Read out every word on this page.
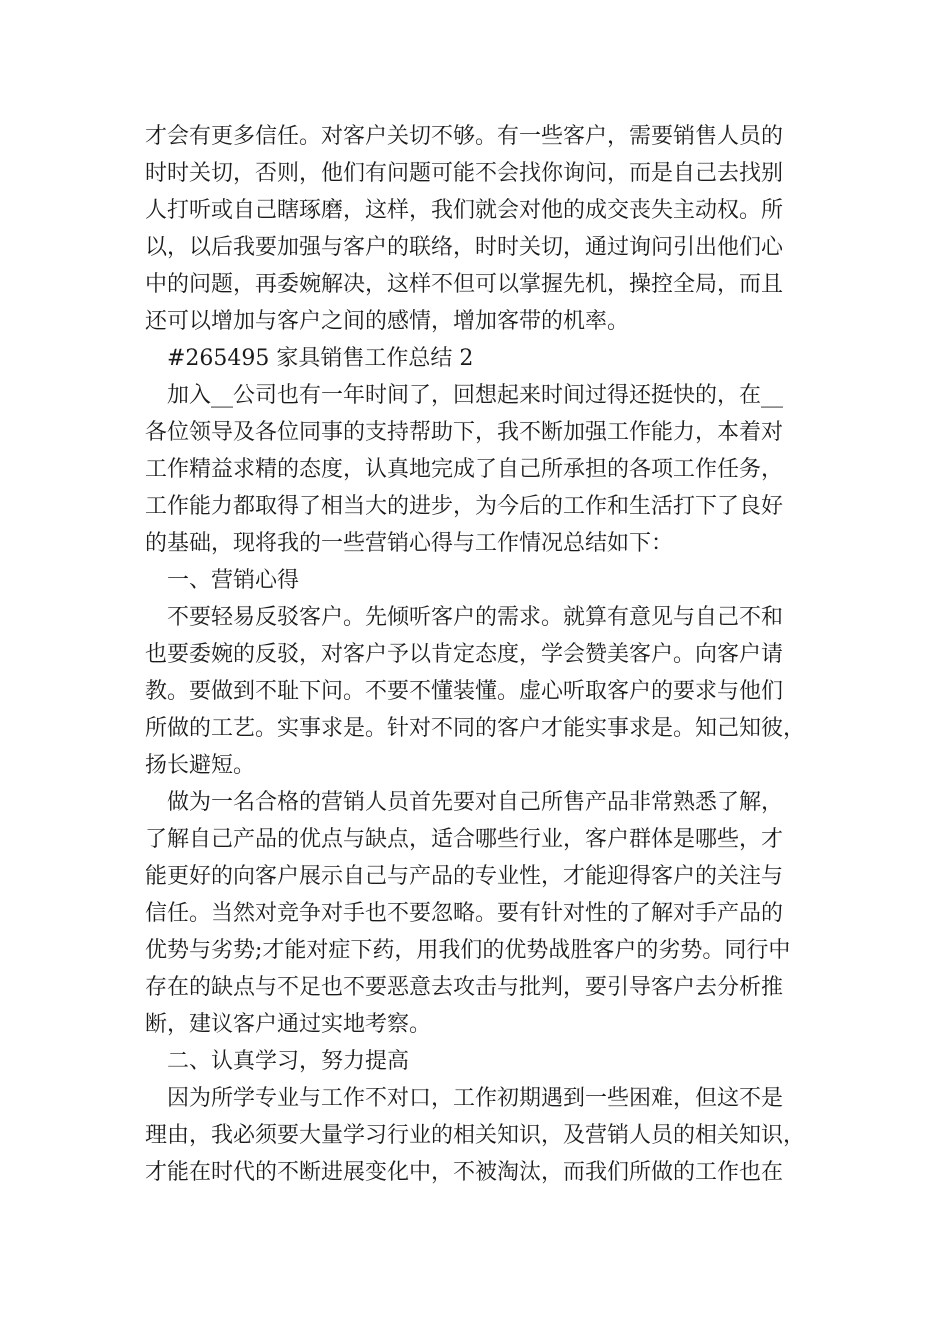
才会有更多信任。对客户关切不够。有一些客户，需要销售人员的
时时关切，否则，他们有问题可能不会找你询问，而是自己去找别
人打听或自己瞎琢磨，这样，我们就会对他的成交丧失主动权。所
以，以后我要加强与客户的联络，时时关切，通过询问引出他们心
中的问题，再委婉解决，这样不但可以掌握先机，操控全局，而且
还可以增加与客户之间的感情，增加客带的机率。
#265495 家具销售工作总结 2
加入__公司也有一年时间了，回想起来时间过得还挺快的，在__
各位领导及各位同事的支持帮助下，我不断加强工作能力，本着对
工作精益求精的态度，认真地完成了自己所承担的各项工作任务，
工作能力都取得了相当大的进步，为今后的工作和生活打下了良好
的基础，现将我的一些营销心得与工作情况总结如下：
一、营销心得
不要轻易反驳客户。先倾听客户的需求。就算有意见与自己不和
也要委婉的反驳，对客户予以肯定态度，学会赞美客户。向客户请
教。要做到不耻下问。不要不懂装懂。虚心听取客户的要求与他们
所做的工艺。实事求是。针对不同的客户才能实事求是。知己知彼，
扬长避短。
做为一名合格的营销人员首先要对自己所售产品非常熟悉了解，
了解自己产品的优点与缺点，适合哪些行业，客户群体是哪些，才
能更好的向客户展示自己与产品的专业性，才能迎得客户的关注与
信任。当然对竞争对手也不要忽略。要有针对性的了解对手产品的
优势与劣势;才能对症下药，用我们的优势战胜客户的劣势。同行中
存在的缺点与不足也不要恶意去攻击与批判，要引导客户去分析推
断，建议客户通过实地考察。
二、认真学习，努力提高
因为所学专业与工作不对口，工作初期遇到一些困难，但这不是
理由，我必须要大量学习行业的相关知识，及营销人员的相关知识，
才能在时代的不断进展变化中，不被淘汰，而我们所做的工作也在
